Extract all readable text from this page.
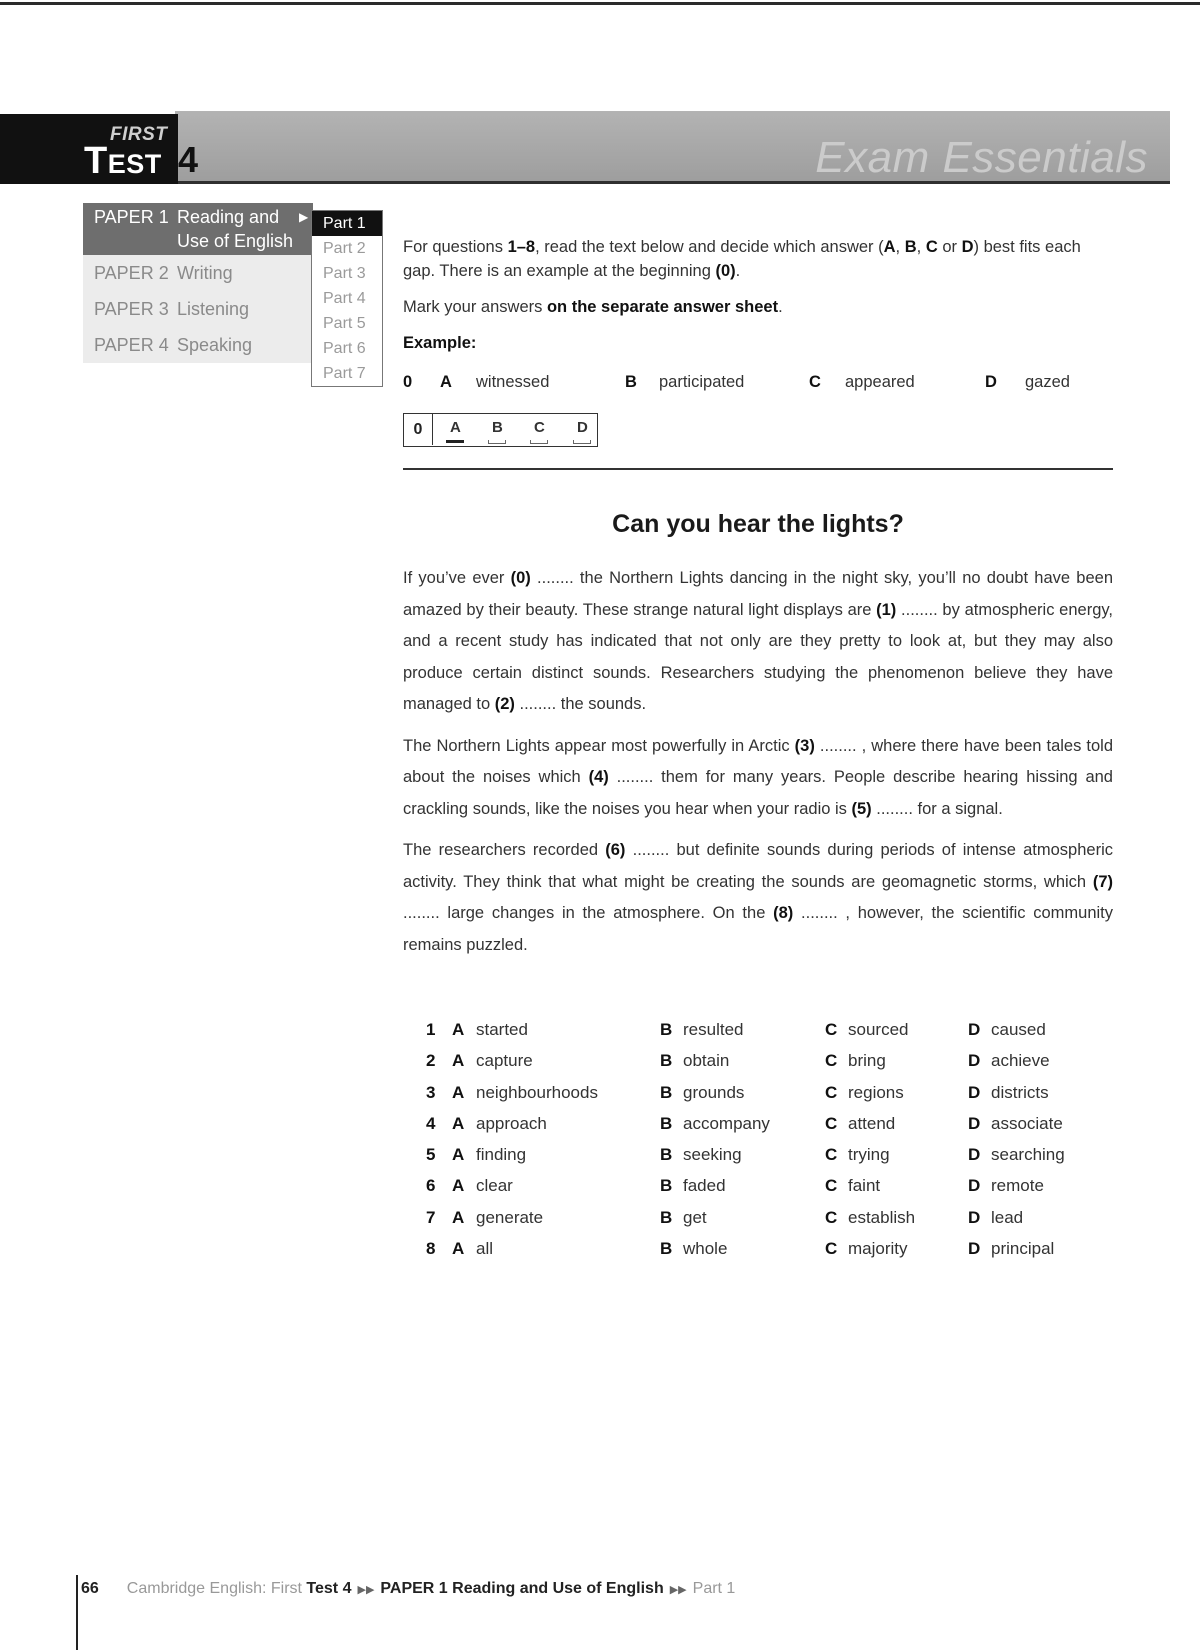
Exam Essentials
FIRST
Test 4
PAPER 1 Reading and
Use of English
▶
PAPER 2 Writing
PAPER 3 Listening
PAPER 4 Speaking
Part 1
Part 2
Part 3
Part 4
Part 5
Part 6
Part 7

For questions 1–8, read the text below and decide which answer (A, B, C or D) best fits each gap. There is an example at the beginning (0).

Mark your answers on the separate answer sheet.

Example:

0 A witnessed	B participated	C appeared	D gazed
0	A B C D
Can you hear the lights?

If you’ve ever (0) ........ the Northern Lights dancing in the night sky, you’ll no doubt have been amazed by their beauty. These strange natural light displays are (1) ........ by atmospheric energy, and a recent study has indicated that not only are they pretty to look at, but they may also produce certain distinct sounds. Researchers studying the phenomenon believe they have managed to (2) ........ the sounds.

The Northern Lights appear most powerfully in Arctic (3) ........ , where there have been tales told about the noises which (4) ........ them for many years. People describe hearing hissing and crackling sounds, like the noises you hear when your radio is (5) ........ for a signal.

The researchers recorded (6) ........ but definite sounds during periods of intense atmospheric activity. They think that what might be creating the sounds are geomagnetic storms, which (7) ........ large changes in the atmosphere. On the (8) ........ , however, the scientific community remains puzzled.

1 A started	B resulted	C sourced	D caused
2 A capture	B obtain	C bring	D achieve
3 A neighbourhoods	B grounds	C regions	D districts
4 A approach	B accompany	C attend	D associate
5 A finding	B seeking	C trying	D searching
6 A clear	B faded	C faint	D remote
7 A generate	B get	C establish	D lead
8 A all	B whole	C majority	D principal
66 Cambridge English: First Test 4 ▶▶ PAPER 1 Reading and Use of English ▶▶ Part 1
